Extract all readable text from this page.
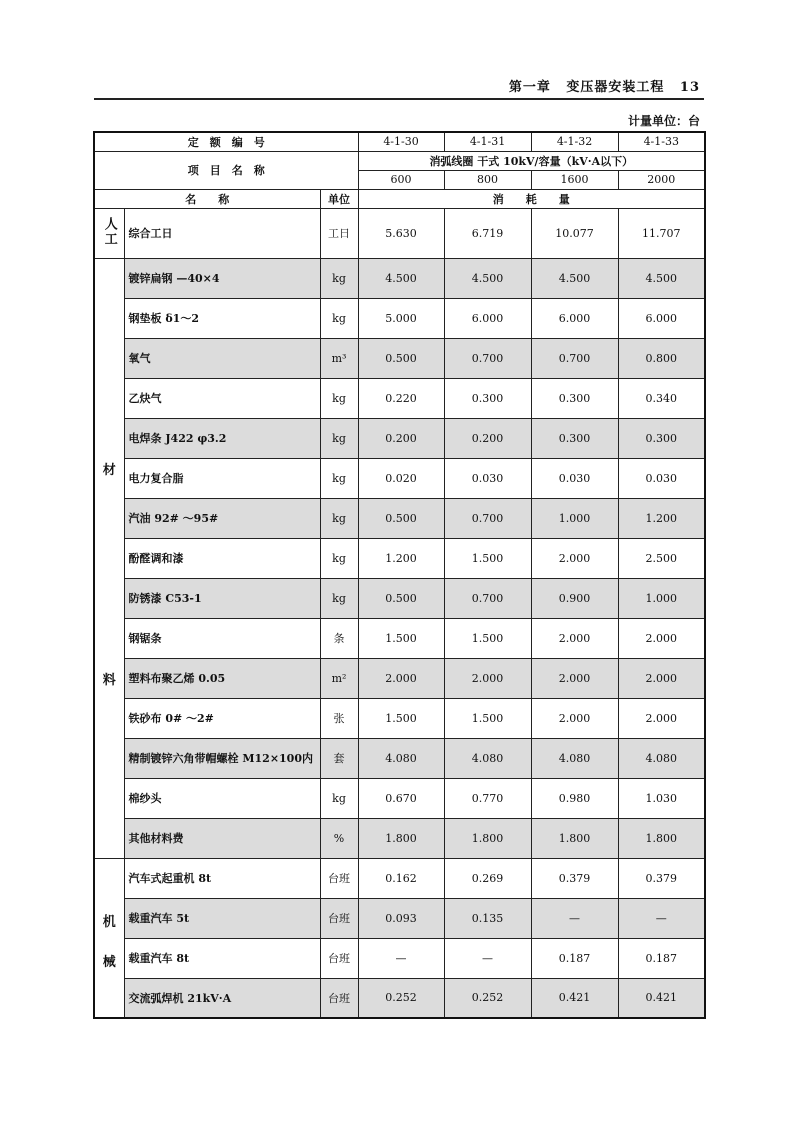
第一章 变压器安装工程 13
计量单位：台
定　额　编　号			4-1-30	4-1-31	4-1-32	4-1-33
项　目　名　称			消弧线圈 干式 10kV/容量（kV·A以下）			
			600	800	1600	2000
名　　称		单位	消　　耗　　量			
人工	综合工日	工日	5.630	6.719	10.077	11.707

材
料	镀锌扁钢 —40×4	kg	4.500	4.500	4.500	4.500
	钢垫板 δ1～2	kg	5.000	6.000	6.000	6.000
	氧气	m³	0.500	0.700	0.700	0.800
	乙炔气	kg	0.220	0.300	0.300	0.340
	电焊条 J422 φ3.2	kg	0.200	0.200	0.300	0.300
	电力复合脂	kg	0.020	0.030	0.030	0.030
	汽油 92# ～95#	kg	0.500	0.700	1.000	1.200
	酚醛调和漆	kg	1.200	1.500	2.000	2.500
	防锈漆 C53-1	kg	0.500	0.700	0.900	1.000
	钢锯条	条	1.500	1.500	2.000	2.000
	塑料布聚乙烯 0.05	m²	2.000	2.000	2.000	2.000
	铁砂布 0# ～2#	张	1.500	1.500	2.000	2.000
	精制镀锌六角带帽螺栓 M12×100内	套	4.080	4.080	4.080	4.080
	棉纱头	kg	0.670	0.770	0.980	1.030
	其他材料费	%	1.800	1.800	1.800	1.800

机
械	汽车式起重机 8t	台班	0.162	0.269	0.379	0.379
	载重汽车 5t	台班	0.093	0.135	—	—
	载重汽车 8t	台班	—	—	0.187	0.187
	交流弧焊机 21kV·A	台班	0.252	0.252	0.421	0.421
